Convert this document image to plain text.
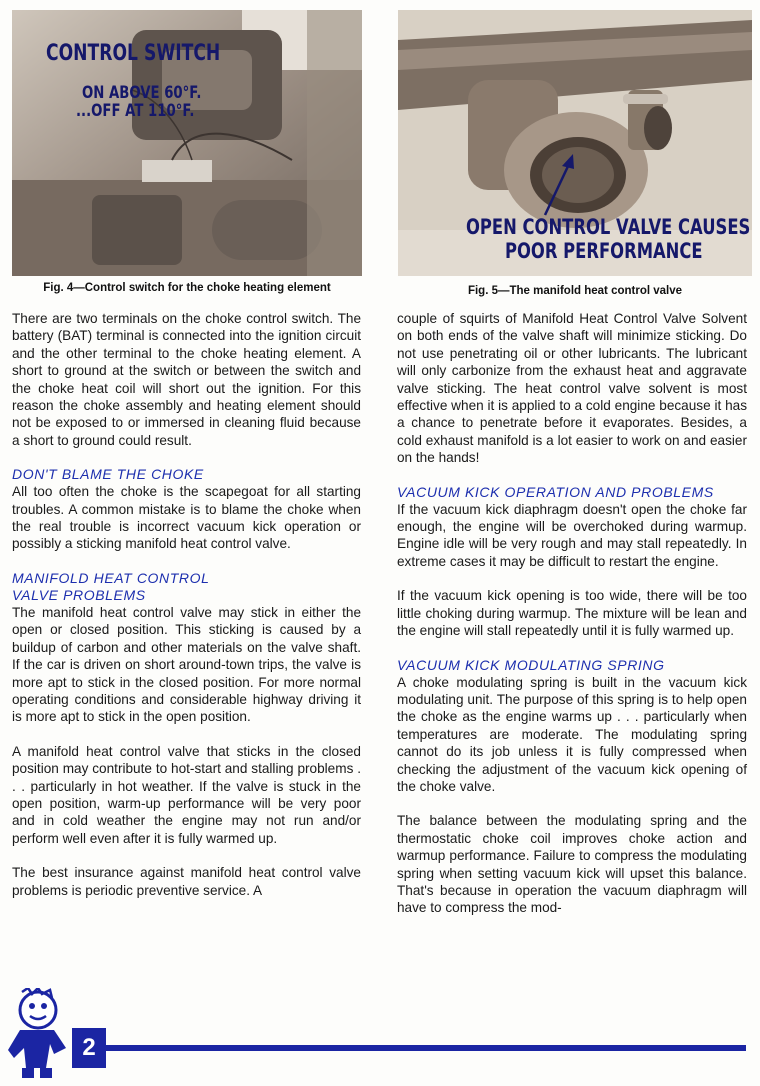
CONTROL SWITCH
ON ABOVE 60°F.
...OFF AT 110°F.
Fig. 4—Control switch for the choke heating element
OPEN CONTROL VALVE CAUSES
POOR PERFORMANCE
Fig. 5—The manifold heat control valve

There are two terminals on the choke control switch. The battery (BAT) terminal is connected into the ignition circuit and the other terminal to the choke heating element. A short to ground at the switch or between the switch and the choke heat coil will short out the ignition. For this reason the choke assembly and heating element should not be exposed to or immersed in cleaning fluid because a short to ground could result.

DON'T BLAME THE CHOKE

All too often the choke is the scapegoat for all starting troubles. A common mistake is to blame the choke when the real trouble is incorrect vacuum kick operation or possibly a sticking manifold heat control valve.

MANIFOLD HEAT CONTROL
VALVE PROBLEMS

The manifold heat control valve may stick in either the open or closed position. This sticking is caused by a buildup of carbon and other materials on the valve shaft. If the car is driven on short around-town trips, the valve is more apt to stick in the closed position. For more normal operating conditions and considerable highway driving it is more apt to stick in the open position.

A manifold heat control valve that sticks in the closed position may contribute to hot-start and stalling problems . . . particularly in hot weather. If the valve is stuck in the open position, warm-up performance will be very poor and in cold weather the engine may not run and/or perform well even after it is fully warmed up.

The best insurance against manifold heat control valve problems is periodic preventive service. A

couple of squirts of Manifold Heat Control Valve Solvent on both ends of the valve shaft will minimize sticking. Do not use penetrating oil or other lubricants. The lubricant will only carbonize from the exhaust heat and aggravate valve sticking. The heat control valve solvent is most effective when it is applied to a cold engine because it has a chance to penetrate before it evaporates. Besides, a cold exhaust manifold is a lot easier to work on and easier on the hands!

VACUUM KICK OPERATION AND PROBLEMS

If the vacuum kick diaphragm doesn't open the choke far enough, the engine will be overchoked during warmup. Engine idle will be very rough and may stall repeatedly. In extreme cases it may be difficult to restart the engine.

If the vacuum kick opening is too wide, there will be too little choking during warmup. The mixture will be lean and the engine will stall repeatedly until it is fully warmed up.

VACUUM KICK MODULATING SPRING

A choke modulating spring is built in the vacuum kick modulating unit. The purpose of this spring is to help open the choke as the engine warms up . . . particularly when temperatures are moderate. The modulating spring cannot do its job unless it is fully compressed when checking the adjustment of the vacuum kick opening of the choke valve.

The balance between the modulating spring and the thermostatic choke coil improves choke action and warmup performance. Failure to compress the modulating spring when setting vacuum kick will upset this balance. That's because in operation the vacuum diaphragm will have to compress the mod-

2
